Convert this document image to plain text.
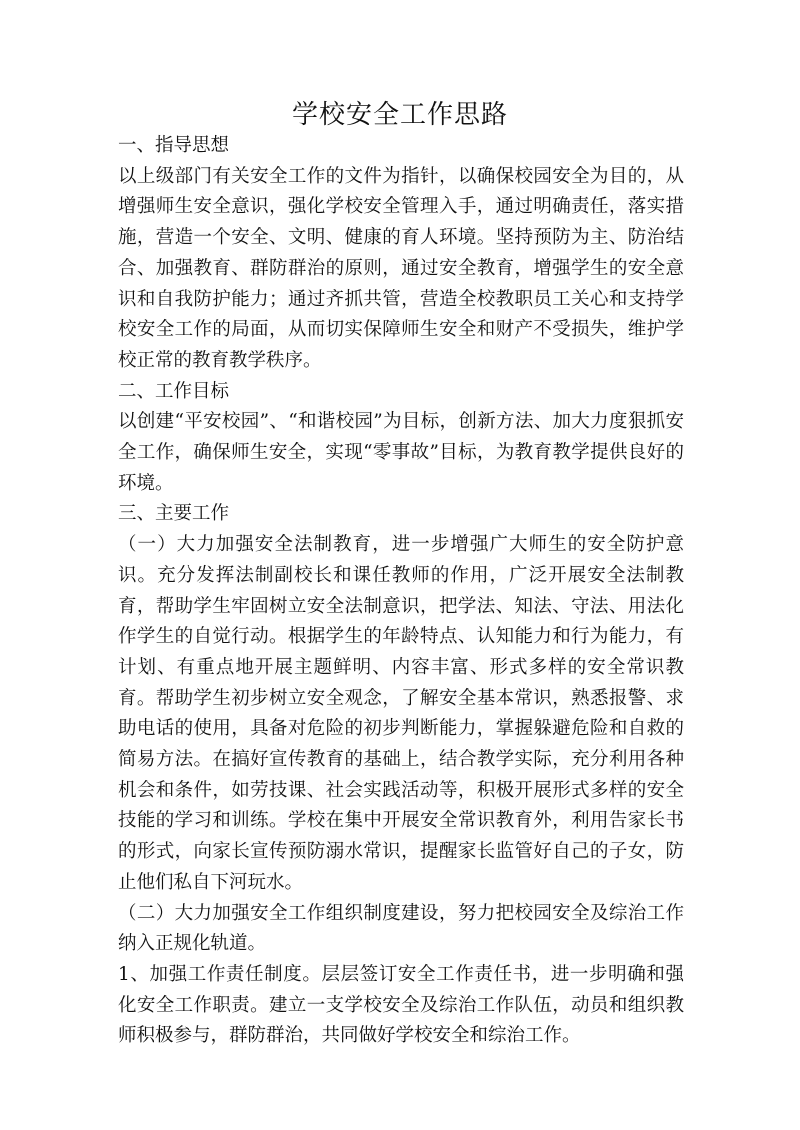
学校安全工作思路

一、指导思想

以上级部门有关安全工作的文件为指针，以确保校园安全为目的，从增强师生安全意识，强化学校安全管理入手，通过明确责任，落实措施，营造一个安全、文明、健康的育人环境。坚持预防为主、防治结合、加强教育、群防群治的原则，通过安全教育，增强学生的安全意识和自我防护能力；通过齐抓共管，营造全校教职员工关心和支持学校安全工作的局面，从而切实保障师生安全和财产不受损失，维护学校正常的教育教学秩序。

二、工作目标

以创建“平安校园”、“和谐校园”为目标，创新方法、加大力度狠抓安全工作，确保师生安全，实现“零事故”目标，为教育教学提供良好的环境。

三、主要工作

（一）大力加强安全法制教育，进一步增强广大师生的安全防护意识。充分发挥法制副校长和课任教师的作用，广泛开展安全法制教育，帮助学生牢固树立安全法制意识，把学法、知法、守法、用法化作学生的自觉行动。根据学生的年龄特点、认知能力和行为能力，有计划、有重点地开展主题鲜明、内容丰富、形式多样的安全常识教育。帮助学生初步树立安全观念，了解安全基本常识，熟悉报警、求助电话的使用，具备对危险的初步判断能力，掌握躲避危险和自救的简易方法。在搞好宣传教育的基础上，结合教学实际，充分利用各种机会和条件，如劳技课、社会实践活动等，积极开展形式多样的安全技能的学习和训练。学校在集中开展安全常识教育外，利用告家长书的形式，向家长宣传预防溺水常识，提醒家长监管好自己的子女，防止他们私自下河玩水。

（二）大力加强安全工作组织制度建设，努力把校园安全及综治工作纳入正规化轨道。

1、加强工作责任制度。层层签订安全工作责任书，进一步明确和强化安全工作职责。建立一支学校安全及综治工作队伍，动员和组织教师积极参与，群防群治，共同做好学校安全和综治工作。
